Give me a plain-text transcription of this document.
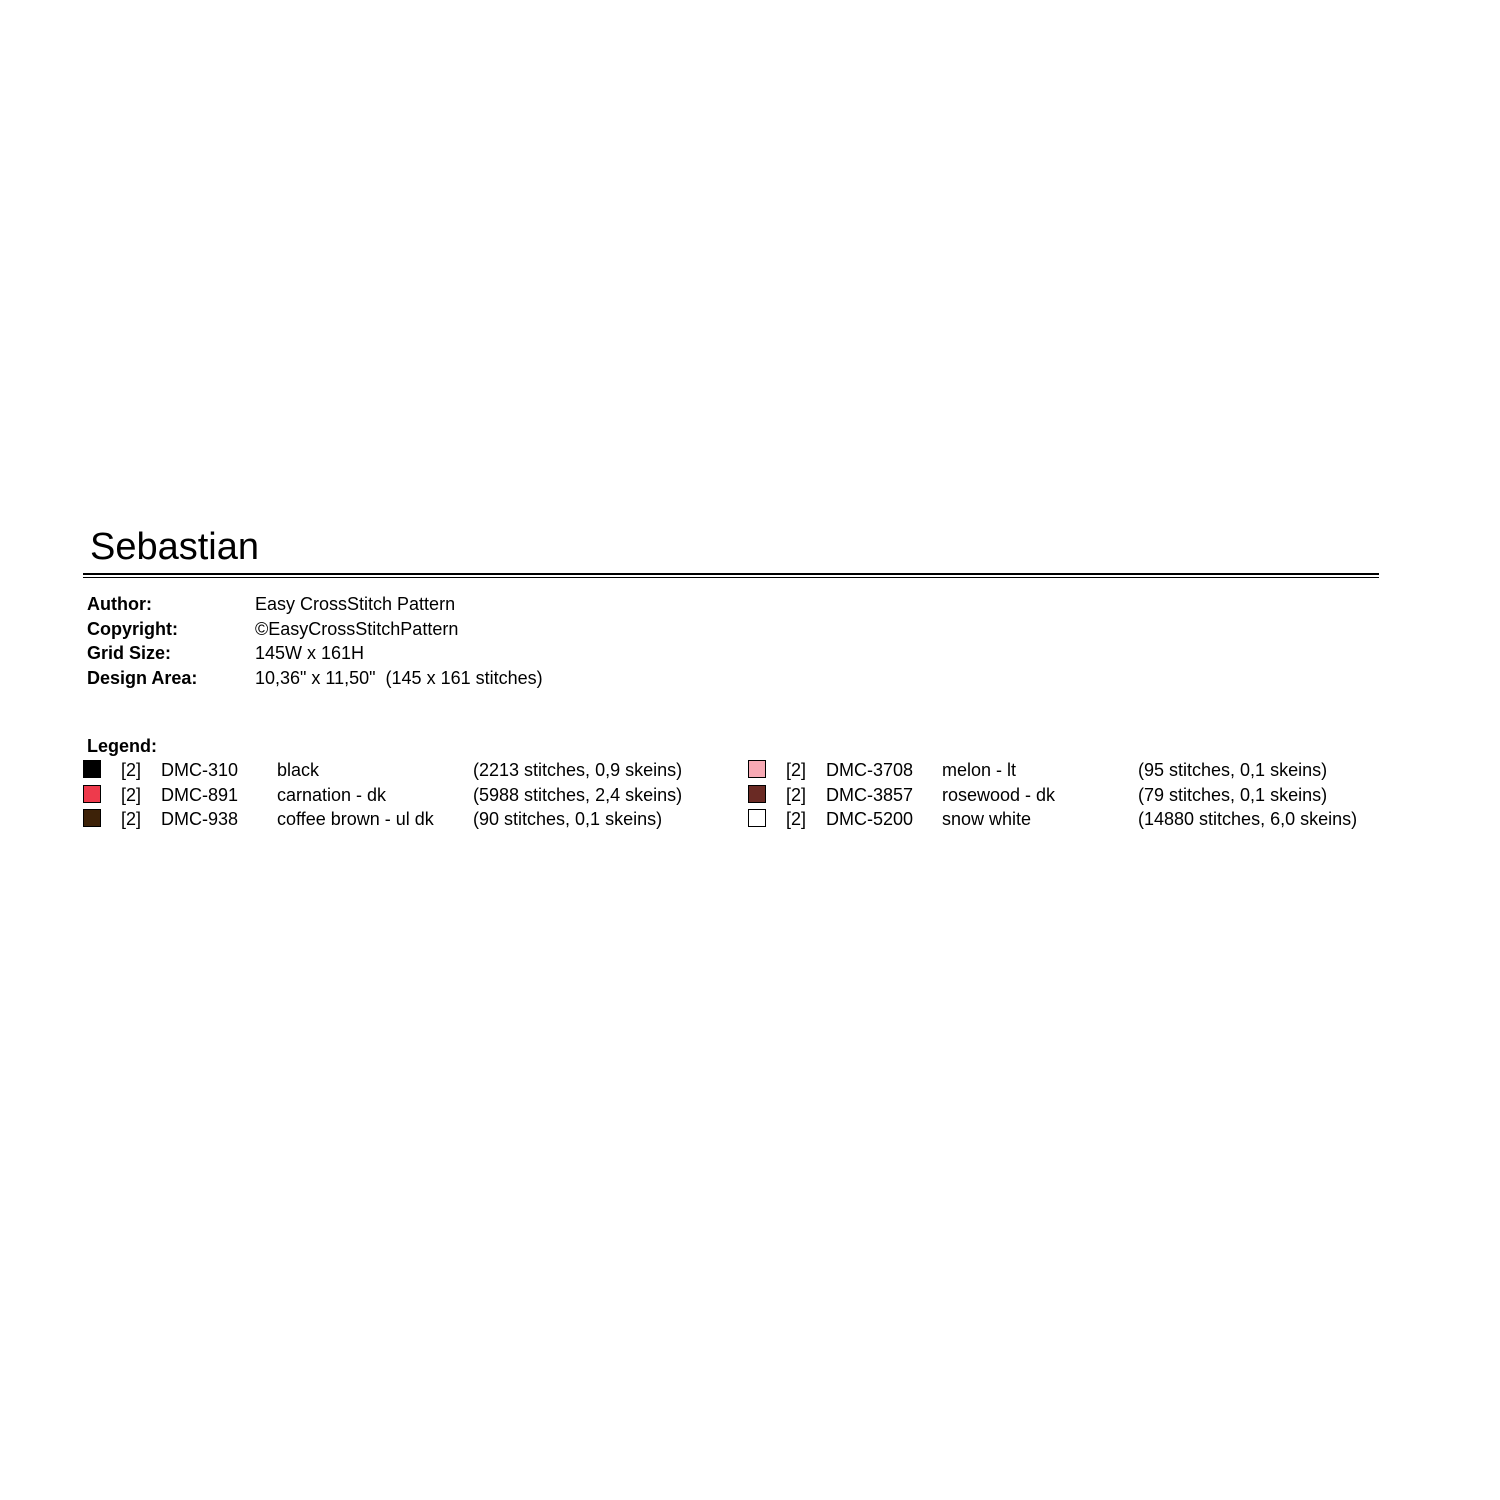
Sebastian
Author:	Easy CrossStitch Pattern
Copyright:	©EasyCrossStitchPattern
Grid Size:	145W x 161H
Design Area:	10,36" x 11,50"  (145 x 161 stitches)
Legend:
[2] DMC-310 black	(2213 stitches, 0,9 skeins)
[2] DMC-891 carnation - dk	(5988 stitches, 2,4 skeins)
[2] DMC-938 coffee brown - ul dk (90 stitches, 0,1 skeins)
[2] DMC-3708 melon - lt	(95 stitches, 0,1 skeins)
[2] DMC-3857 rosewood - dk	(79 stitches, 0,1 skeins)
[2] DMC-5200 snow white	(14880 stitches, 6,0 skeins)
